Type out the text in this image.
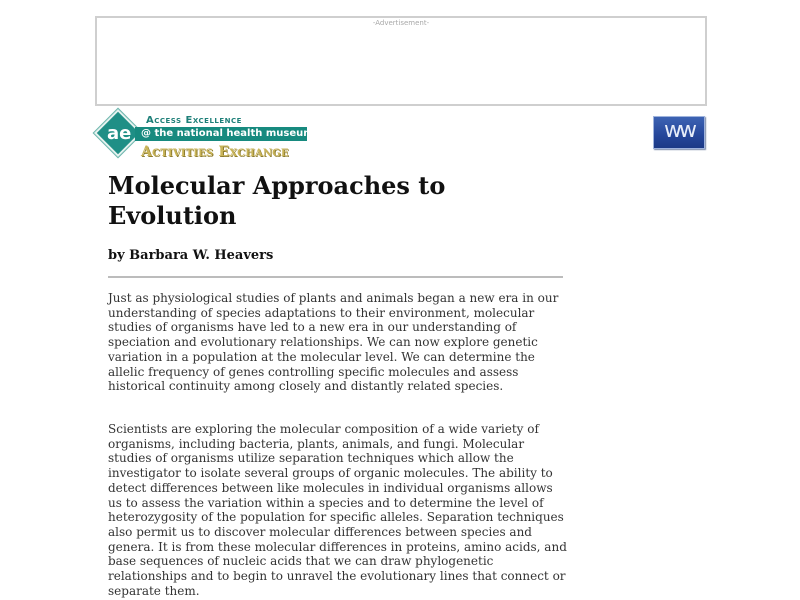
-Advertisement-
ae
Access Excellence
@ the national health museum
Activities Exchange
ww
Molecular Approaches to Evolution

by Barbara W. Heavers

Just as physiological studies of plants and animals began a new era in our understanding of species adaptations to their environment, molecular studies of organisms have led to a new era in our understanding of speciation and evolutionary relationships. We can now explore genetic variation in a population at the molecular level. We can determine the allelic frequency of genes controlling specific molecules and assess historical continuity among closely and distantly related species.

Scientists are exploring the molecular composition of a wide variety of organisms, including bacteria, plants, animals, and fungi. Molecular studies of organisms utilize separation techniques which allow the investigator to isolate several groups of organic molecules. The ability to detect differences between like molecules in individual organisms allows us to assess the variation within a species and to determine the level of heterozygosity of the population for specific alleles. Separation techniques also permit us to discover molecular differences between species and genera. It is from these molecular differences in proteins, amino acids, and base sequences of nucleic acids that we can draw phylogenetic relationships and to begin to unravel the evolutionary lines that connect or separate them.
